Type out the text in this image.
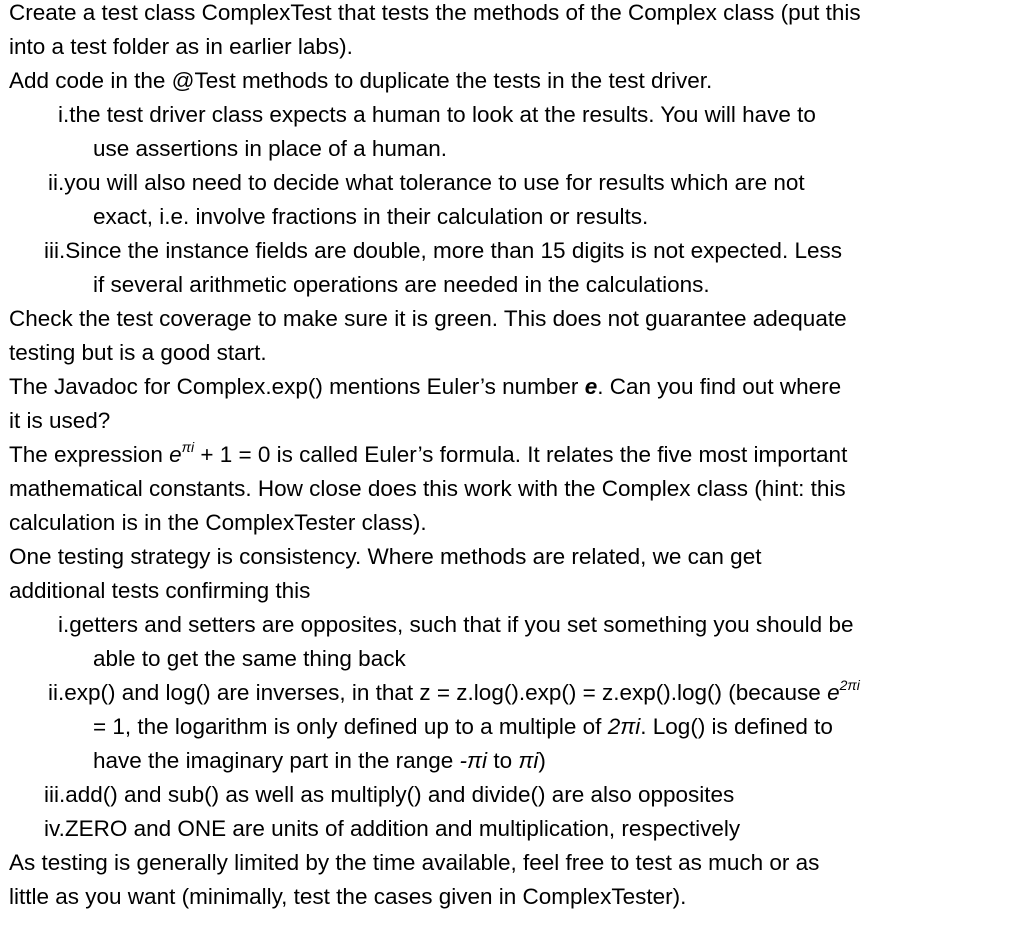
Create a test class ComplexTest that tests the methods of the Complex class (put this
into a test folder as in earlier labs).
Add code in the @Test methods to duplicate the tests in the test driver.
i.the test driver class expects a human to look at the results. You will have to
use assertions in place of a human.
ii.you will also need to decide what tolerance to use for results which are not
exact, i.e. involve fractions in their calculation or results.
iii.Since the instance fields are double, more than 15 digits is not expected. Less
if several arithmetic operations are needed in the calculations.
Check the test coverage to make sure it is green. This does not guarantee adequate
testing but is a good start.
The Javadoc for Complex.exp() mentions Euler’s number e. Can you find out where
it is used?
The expression $e^{\pi i} + 1 = 0$ is called Euler’s formula. It relates the five most important
mathematical constants. How close does this work with the Complex class (hint: this
calculation is in the ComplexTester class).
One testing strategy is consistency. Where methods are related, we can get
additional tests confirming this
i.getters and setters are opposites, such that if you set something you should be
able to get the same thing back
ii.exp() and log() are inverses, in that z = z.log().exp() = z.exp().log() (because $e^{2\pi i}$
= 1, the logarithm is only defined up to a multiple of 2πi. Log() is defined to
have the imaginary part in the range -πi to πi)
iii.add() and sub() as well as multiply() and divide() are also opposites
iv.ZERO and ONE are units of addition and multiplication, respectively
As testing is generally limited by the time available, feel free to test as much or as
little as you want (minimally, test the cases given in ComplexTester).
